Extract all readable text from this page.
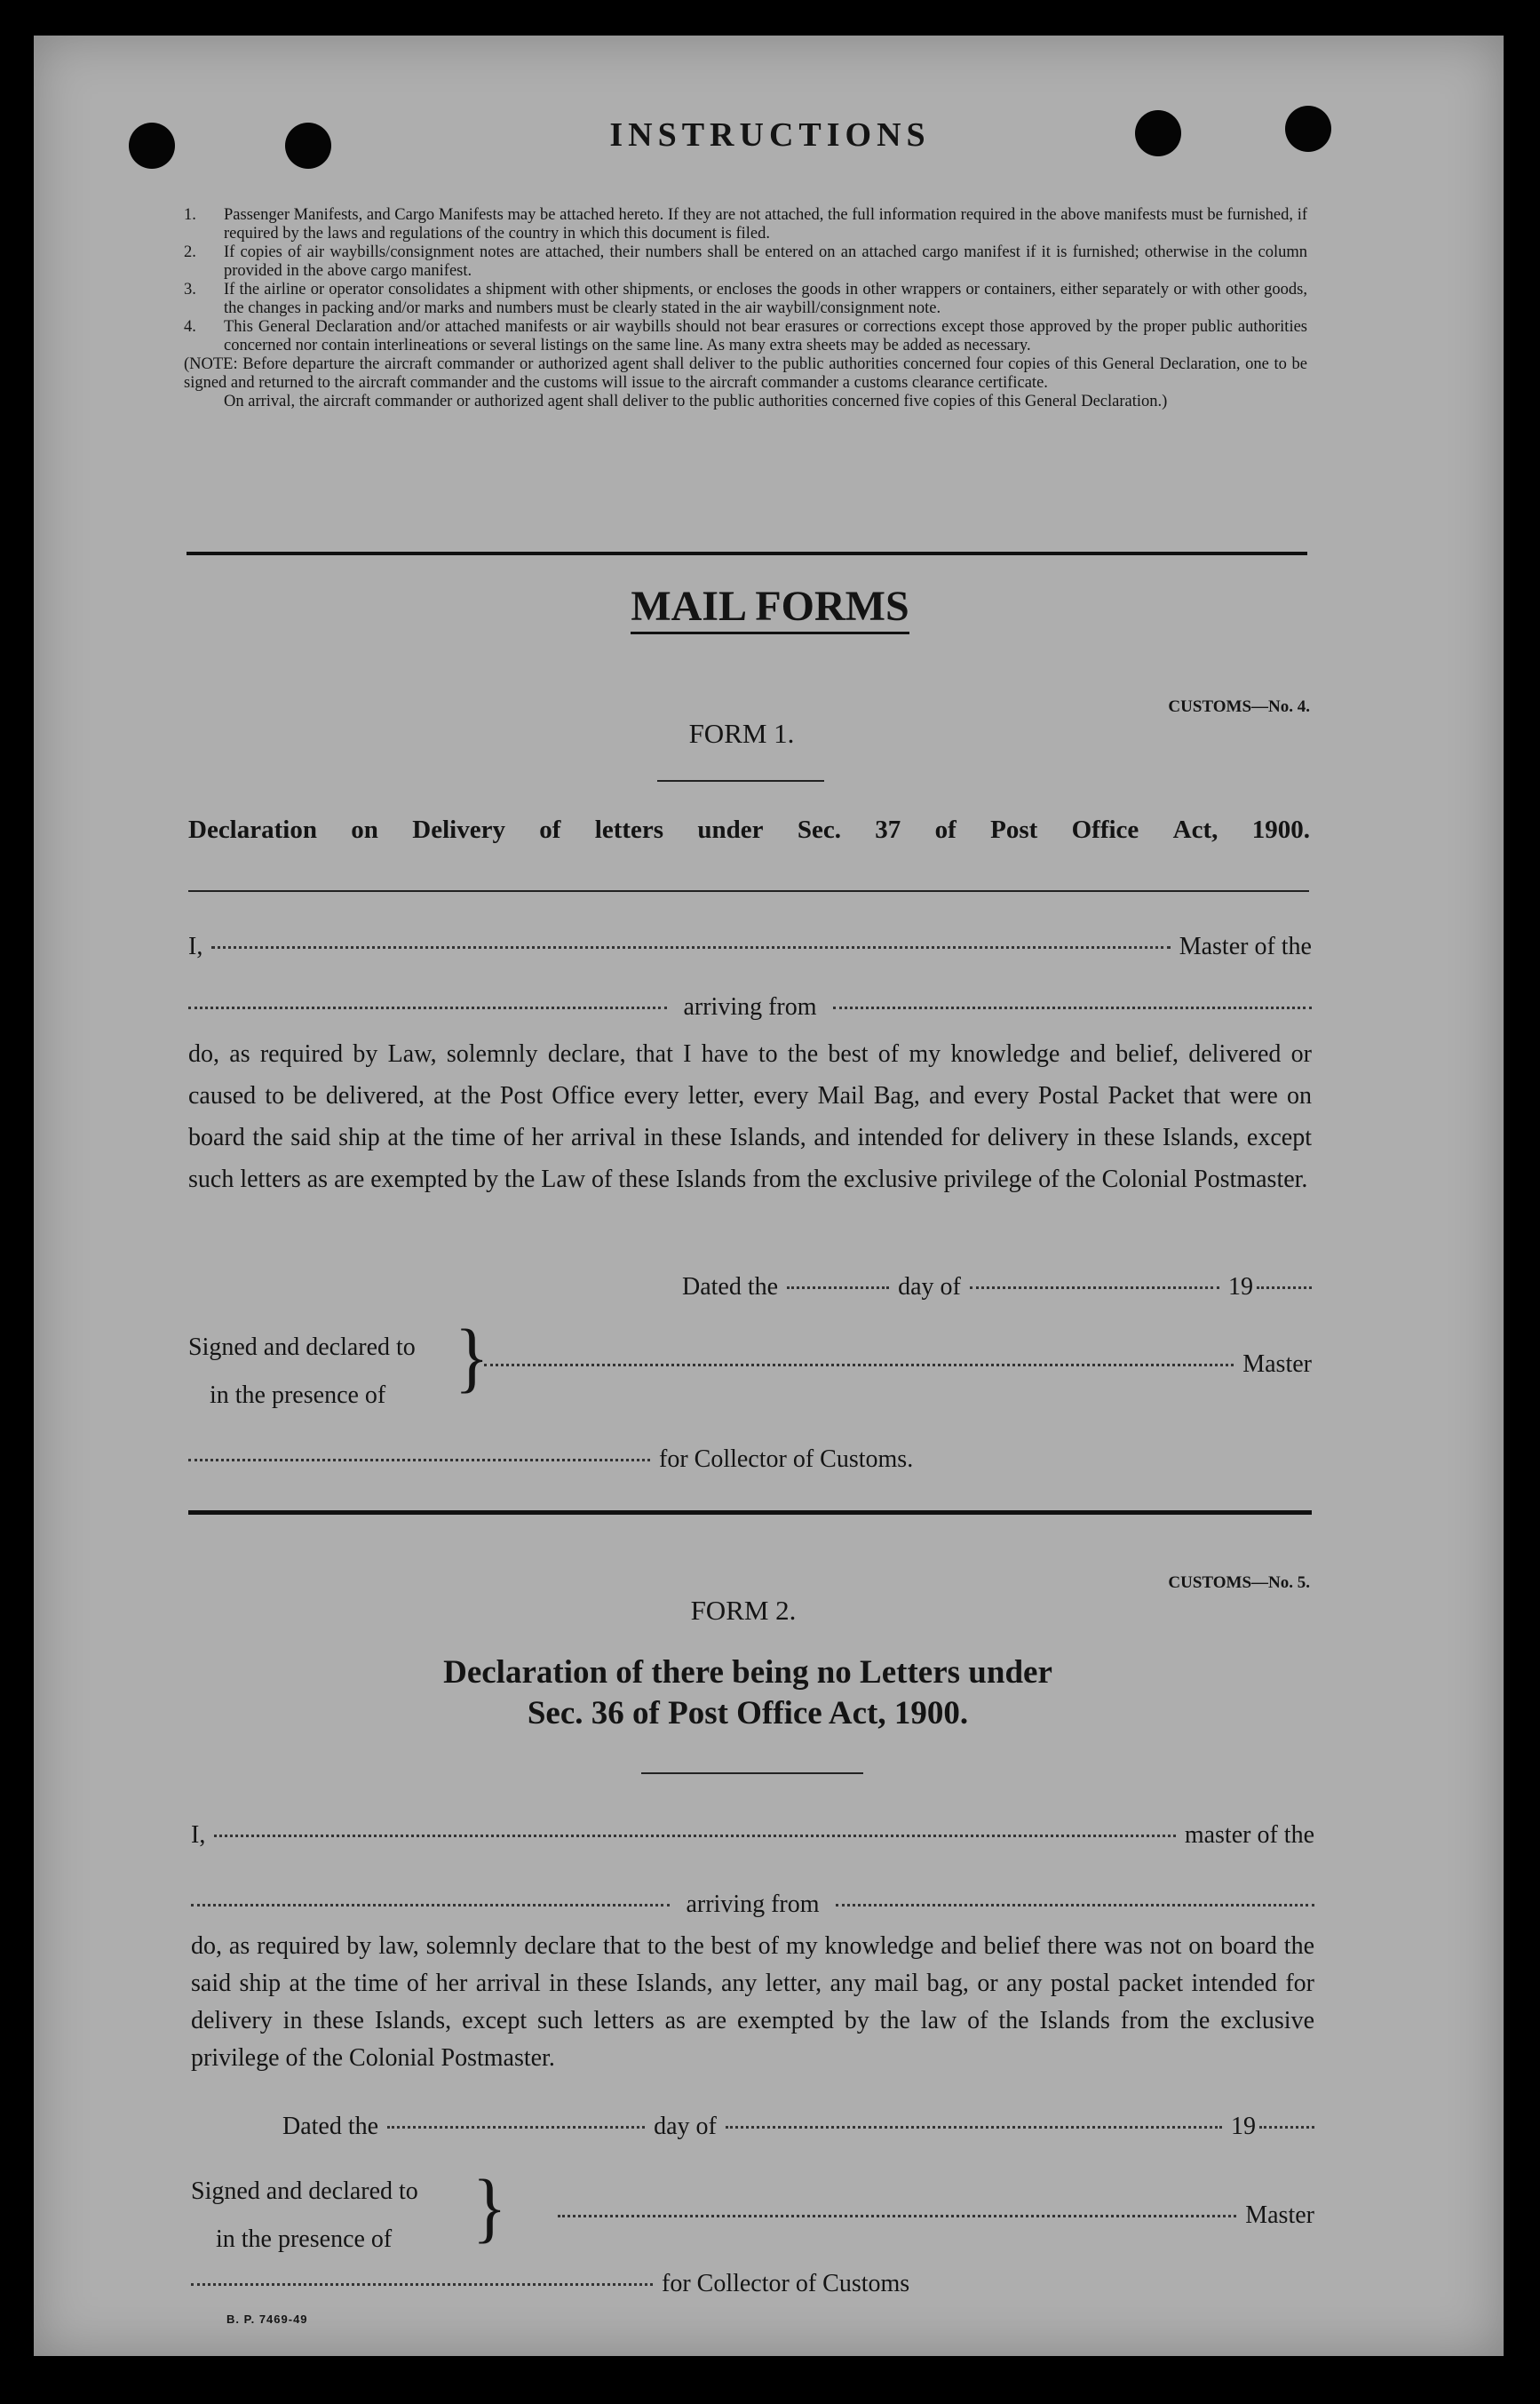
INSTRUCTIONS
1.	Passenger Manifests, and Cargo Manifests may be attached hereto. If they are not attached, the full information required in the above manifests must be furnished, if required by the laws and regulations of the country in which this document is filed.
2.	If copies of air waybills/consignment notes are attached, their numbers shall be entered on an attached cargo manifest if it is furnished; otherwise in the column provided in the above cargo manifest.
3.	If the airline or operator consolidates a shipment with other shipments, or encloses the goods in other wrappers or containers, either separately or with other goods, the changes in packing and/or marks and numbers must be clearly stated in the air waybill/consignment note.
4.	This General Declaration and/or attached manifests or air waybills should not bear erasures or corrections except those approved by the proper public authorities concerned nor contain interlineations or several listings on the same line. As many extra sheets may be added as necessary.
(NOTE: Before departure the aircraft commander or authorized agent shall deliver to the public authorities concerned four copies of this General Declaration, one to be signed and returned to the aircraft commander and the customs will issue to the aircraft commander a customs clearance certificate.
On arrival, the aircraft commander or authorized agent shall deliver to the public authorities concerned five copies of this General Declaration.)
MAIL FORMS
CUSTOMS—No. 4.
FORM 1.
Declaration on Delivery of letters under Sec. 37 of Post Office Act, 1900.
I,	Master of the
arriving from
do, as required by Law, solemnly declare, that I have to the best of my knowledge and belief, delivered or caused to be delivered, at the Post Office every letter, every Mail Bag, and every Postal Packet that were on board the said ship at the time of her arrival in these Islands, and intended for delivery in these Islands, except such letters as are exempted by the Law of these Islands from the exclusive privilege of the Colonial Postmaster.
Dated the	day of	19
Signed and declared to
in the presence of }	Master
for Collector of Customs.
CUSTOMS—No. 5.
FORM 2.
Declaration of there being no Letters under
Sec. 36 of Post Office Act, 1900.
I,	master of the
arriving from
do, as required by law, solemnly declare that to the best of my knowledge and belief there was not on board the said ship at the time of her arrival in these Islands, any letter, any mail bag, or any postal packet intended for delivery in these Islands, except such letters as are exempted by the law of the Islands from the exclusive privilege of the Colonial Postmaster.
Dated the	day of	19
Signed and declared to
in the presence of	}	Master
for Collector of Customs
B. P. 7469-49
